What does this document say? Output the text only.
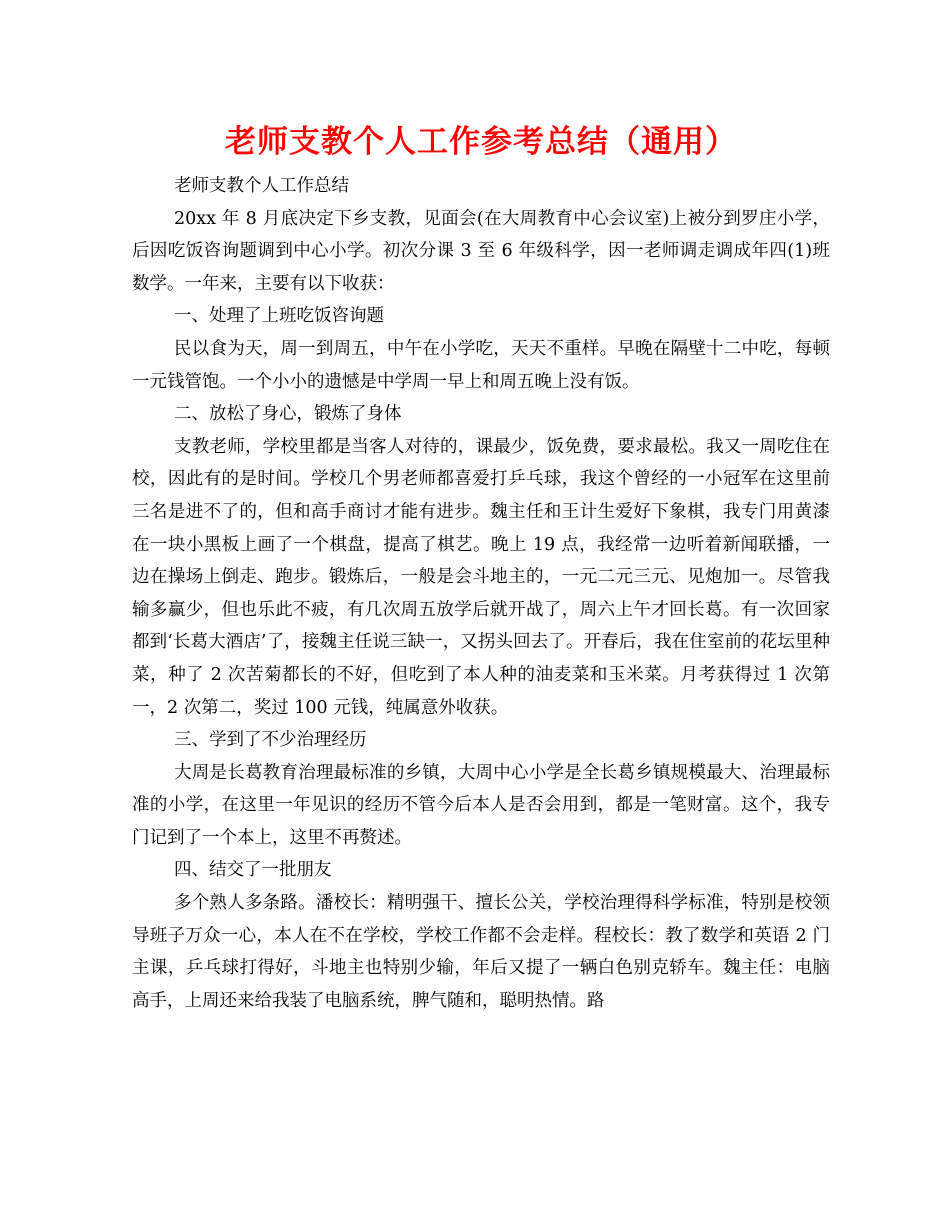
老师支教个人工作参考总结（通用）

老师支教个人工作总结

20xx 年 8 月底决定下乡支教，见面会(在大周教育中心会议室)上被分到罗庄小学，后因吃饭咨询题调到中心小学。初次分课 3 至 6 年级科学，因一老师调走调成年四(1)班数学。一年来，主要有以下收获：

一、处理了上班吃饭咨询题

民以食为天，周一到周五，中午在小学吃，天天不重样。早晚在隔壁十二中吃，每顿一元钱管饱。一个小小的遗憾是中学周一早上和周五晚上没有饭。

二、放松了身心，锻炼了身体

支教老师，学校里都是当客人对待的，课最少，饭免费，要求最松。我又一周吃住在校，因此有的是时间。学校几个男老师都喜爱打乒乓球，我这个曾经的一小冠军在这里前三名是进不了的，但和高手商讨才能有进步。魏主任和王计生爱好下象棋，我专门用黄漆在一块小黑板上画了一个棋盘，提高了棋艺。晚上 19 点，我经常一边听着新闻联播，一边在操场上倒走、跑步。锻炼后，一般是会斗地主的，一元二元三元、见炮加一。尽管我输多赢少，但也乐此不疲，有几次周五放学后就开战了，周六上午才回长葛。有一次回家都到‘长葛大酒店’了，接魏主任说三缺一，又拐头回去了。开春后，我在住室前的花坛里种菜，种了 2 次苦菊都长的不好，但吃到了本人种的油麦菜和玉米菜。月考获得过 1 次第一，2 次第二，奖过 100 元钱，纯属意外收获。

三、学到了不少治理经历

大周是长葛教育治理最标准的乡镇，大周中心小学是全长葛乡镇规模最大、治理最标准的小学，在这里一年见识的经历不管今后本人是否会用到，都是一笔财富。这个，我专门记到了一个本上，这里不再赘述。

四、结交了一批朋友

多个熟人多条路。潘校长：精明强干、擅长公关，学校治理得科学标准，特别是校领导班子万众一心，本人在不在学校，学校工作都不会走样。程校长：教了数学和英语 2 门主课，乒乓球打得好，斗地主也特别少输，年后又提了一辆白色别克轿车。魏主任：电脑高手，上周还来给我装了电脑系统，脾气随和，聪明热情。路
